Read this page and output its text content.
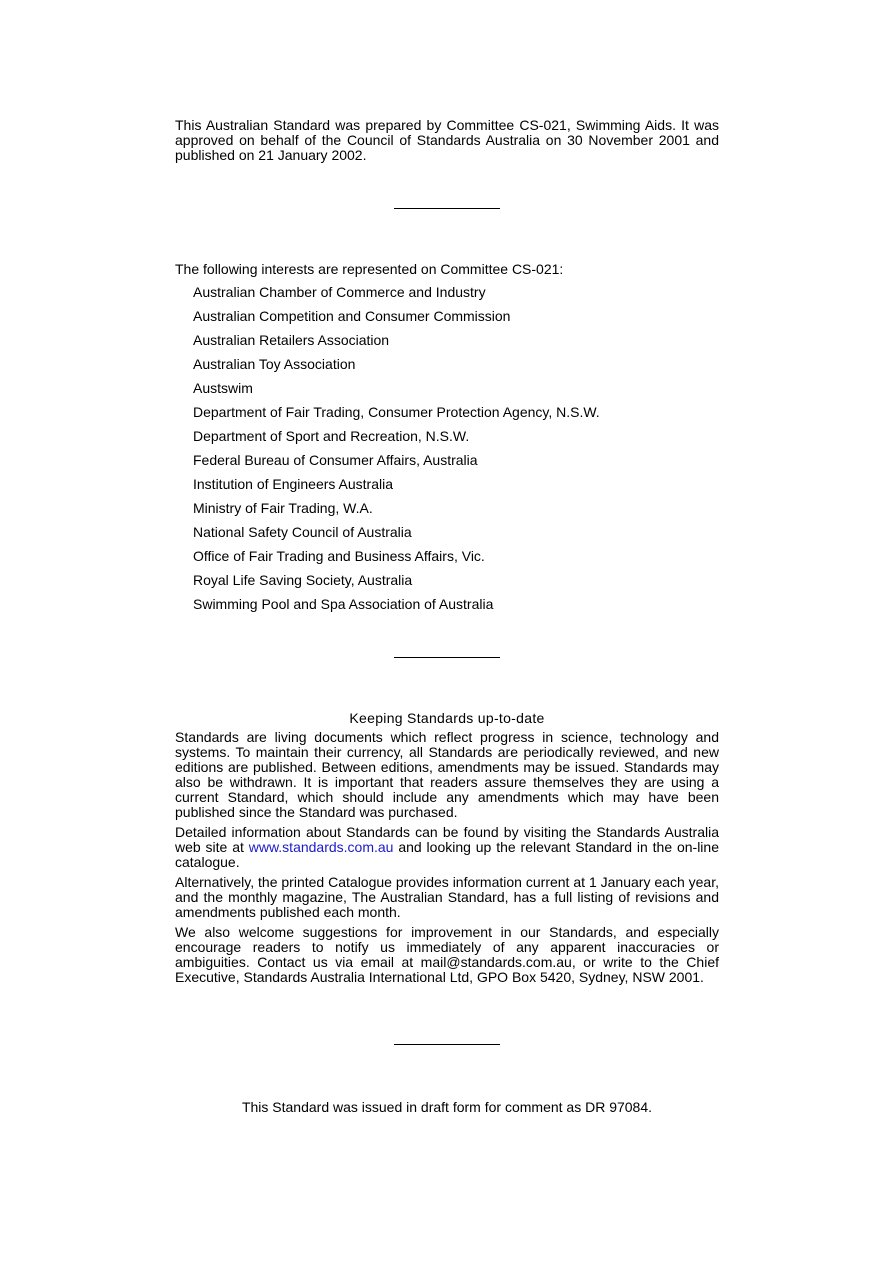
This Australian Standard was prepared by Committee CS-021, Swimming Aids. It was approved on behalf of the Council of Standards Australia on 30 November 2001 and published on 21 January 2002.

The following interests are represented on Committee CS-021:

Australian Chamber of Commerce and Industry
Australian Competition and Consumer Commission
Australian Retailers Association
Australian Toy Association
Austswim
Department of Fair Trading, Consumer Protection Agency, N.S.W.
Department of Sport and Recreation, N.S.W.
Federal Bureau of Consumer Affairs, Australia
Institution of Engineers Australia
Ministry of Fair Trading, W.A.
National Safety Council of Australia
Office of Fair Trading and Business Affairs, Vic.
Royal Life Saving Society, Australia
Swimming Pool and Spa Association of Australia
Keeping Standards up-to-date

Standards are living documents which reflect progress in science, technology and systems. To maintain their currency, all Standards are periodically reviewed, and new editions are published. Between editions, amendments may be issued. Standards may also be withdrawn. It is important that readers assure themselves they are using a current Standard, which should include any amendments which may have been published since the Standard was purchased.

Detailed information about Standards can be found by visiting the Standards Australia web site at www.standards.com.au and looking up the relevant Standard in the on-line catalogue.

Alternatively, the printed Catalogue provides information current at 1 January each year, and the monthly magazine, The Australian Standard, has a full listing of revisions and amendments published each month.

We also welcome suggestions for improvement in our Standards, and especially encourage readers to notify us immediately of any apparent inaccuracies or ambiguities. Contact us via email at mail@standards.com.au, or write to the Chief Executive, Standards Australia International Ltd, GPO Box 5420, Sydney, NSW 2001.

This Standard was issued in draft form for comment as DR 97084.
